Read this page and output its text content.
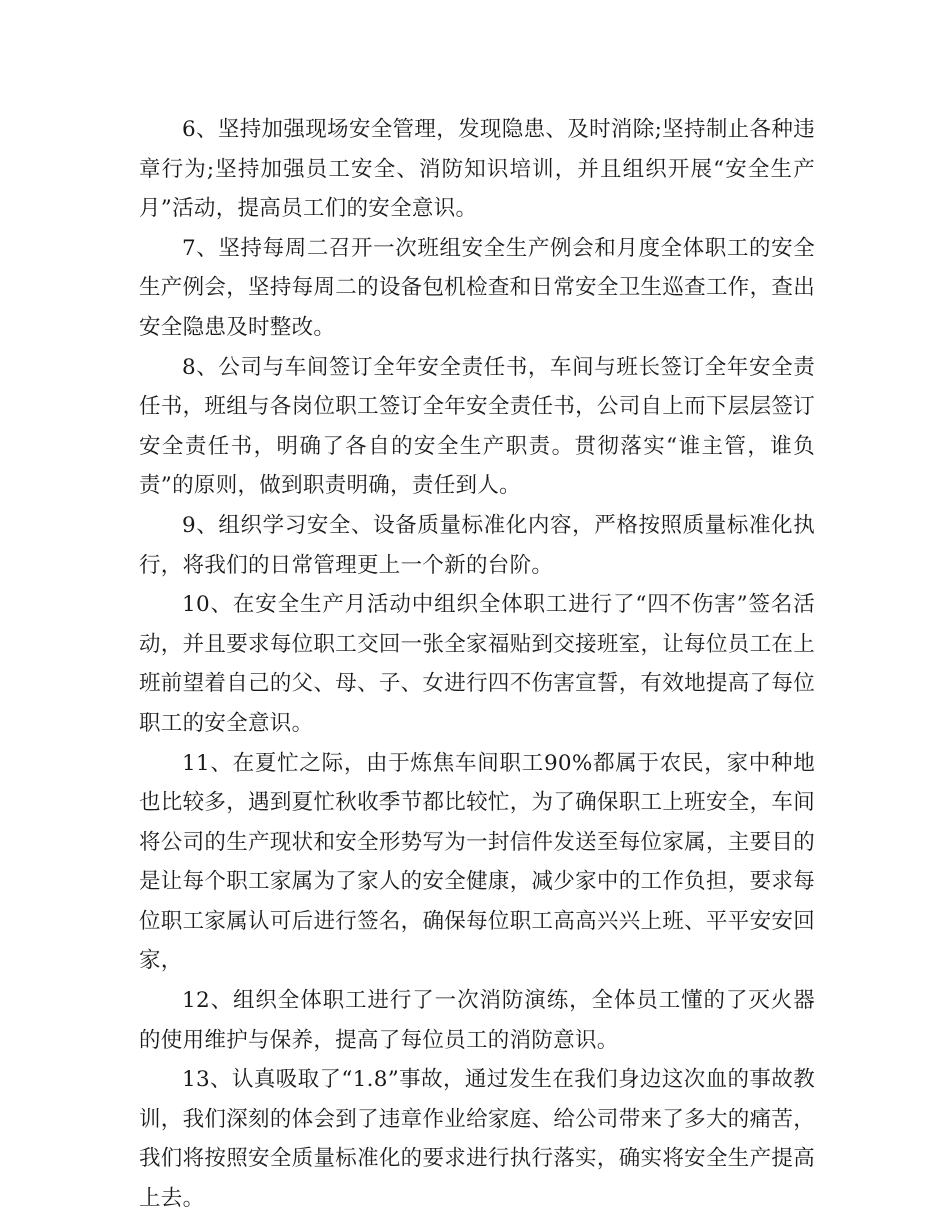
6、坚持加强现场安全管理，发现隐患、及时消除;坚持制止各种违章行为;坚持加强员工安全、消防知识培训，并且组织开展“安全生产月”活动，提高员工们的安全意识。

7、坚持每周二召开一次班组安全生产例会和月度全体职工的安全生产例会，坚持每周二的设备包机检查和日常安全卫生巡查工作，查出安全隐患及时整改。

8、公司与车间签订全年安全责任书，车间与班长签订全年安全责任书，班组与各岗位职工签订全年安全责任书，公司自上而下层层签订安全责任书，明确了各自的安全生产职责。贯彻落实“谁主管，谁负责”的原则，做到职责明确，责任到人。

9、组织学习安全、设备质量标准化内容，严格按照质量标准化执行，将我们的日常管理更上一个新的台阶。

10、在安全生产月活动中组织全体职工进行了“四不伤害”签名活动，并且要求每位职工交回一张全家福贴到交接班室，让每位员工在上班前望着自己的父、母、子、女进行四不伤害宣誓，有效地提高了每位职工的安全意识。

11、在夏忙之际，由于炼焦车间职工90%都属于农民，家中种地也比较多，遇到夏忙秋收季节都比较忙，为了确保职工上班安全，车间将公司的生产现状和安全形势写为一封信件发送至每位家属，主要目的是让每个职工家属为了家人的安全健康，减少家中的工作负担，要求每位职工家属认可后进行签名，确保每位职工高高兴兴上班、平平安安回家，

12、组织全体职工进行了一次消防演练，全体员工懂的了灭火器的使用维护与保养，提高了每位员工的消防意识。

13、认真吸取了“1.8”事故，通过发生在我们身边这次血的事故教训，我们深刻的体会到了违章作业给家庭、给公司带来了多大的痛苦，我们将按照安全质量标准化的要求进行执行落实，确实将安全生产提高上去。
